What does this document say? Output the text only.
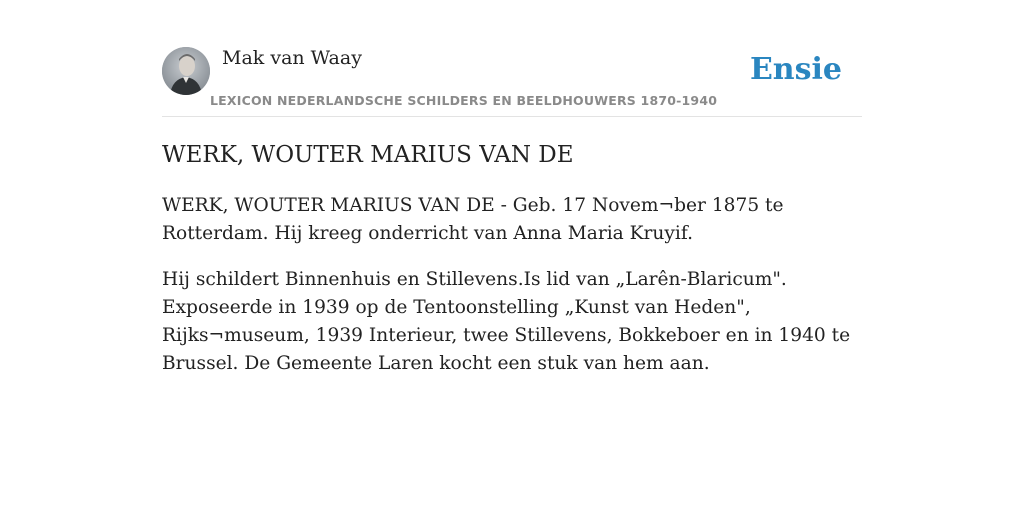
Mak van Waay
LEXICON NEDERLANDSCHE SCHILDERS EN BEELDHOUWERS 1870-1940
Ensie
WERK, WOUTER MARIUS VAN DE

WERK, WOUTER MARIUS VAN DE - Geb. 17 Novem¬ber 1875 te Rotterdam. Hij kreeg onderricht van Anna Maria Kruyif.

Hij schildert Binnenhuis en Stillevens.Is lid van „Larên-Blaricum". Exposeerde in 1939 op de Tentoonstelling „Kunst van Heden", Rijks¬museum, 1939 Interieur, twee Stillevens, Bokkeboer en in 1940 te Brussel. De Gemeente Laren kocht een stuk van hem aan.
